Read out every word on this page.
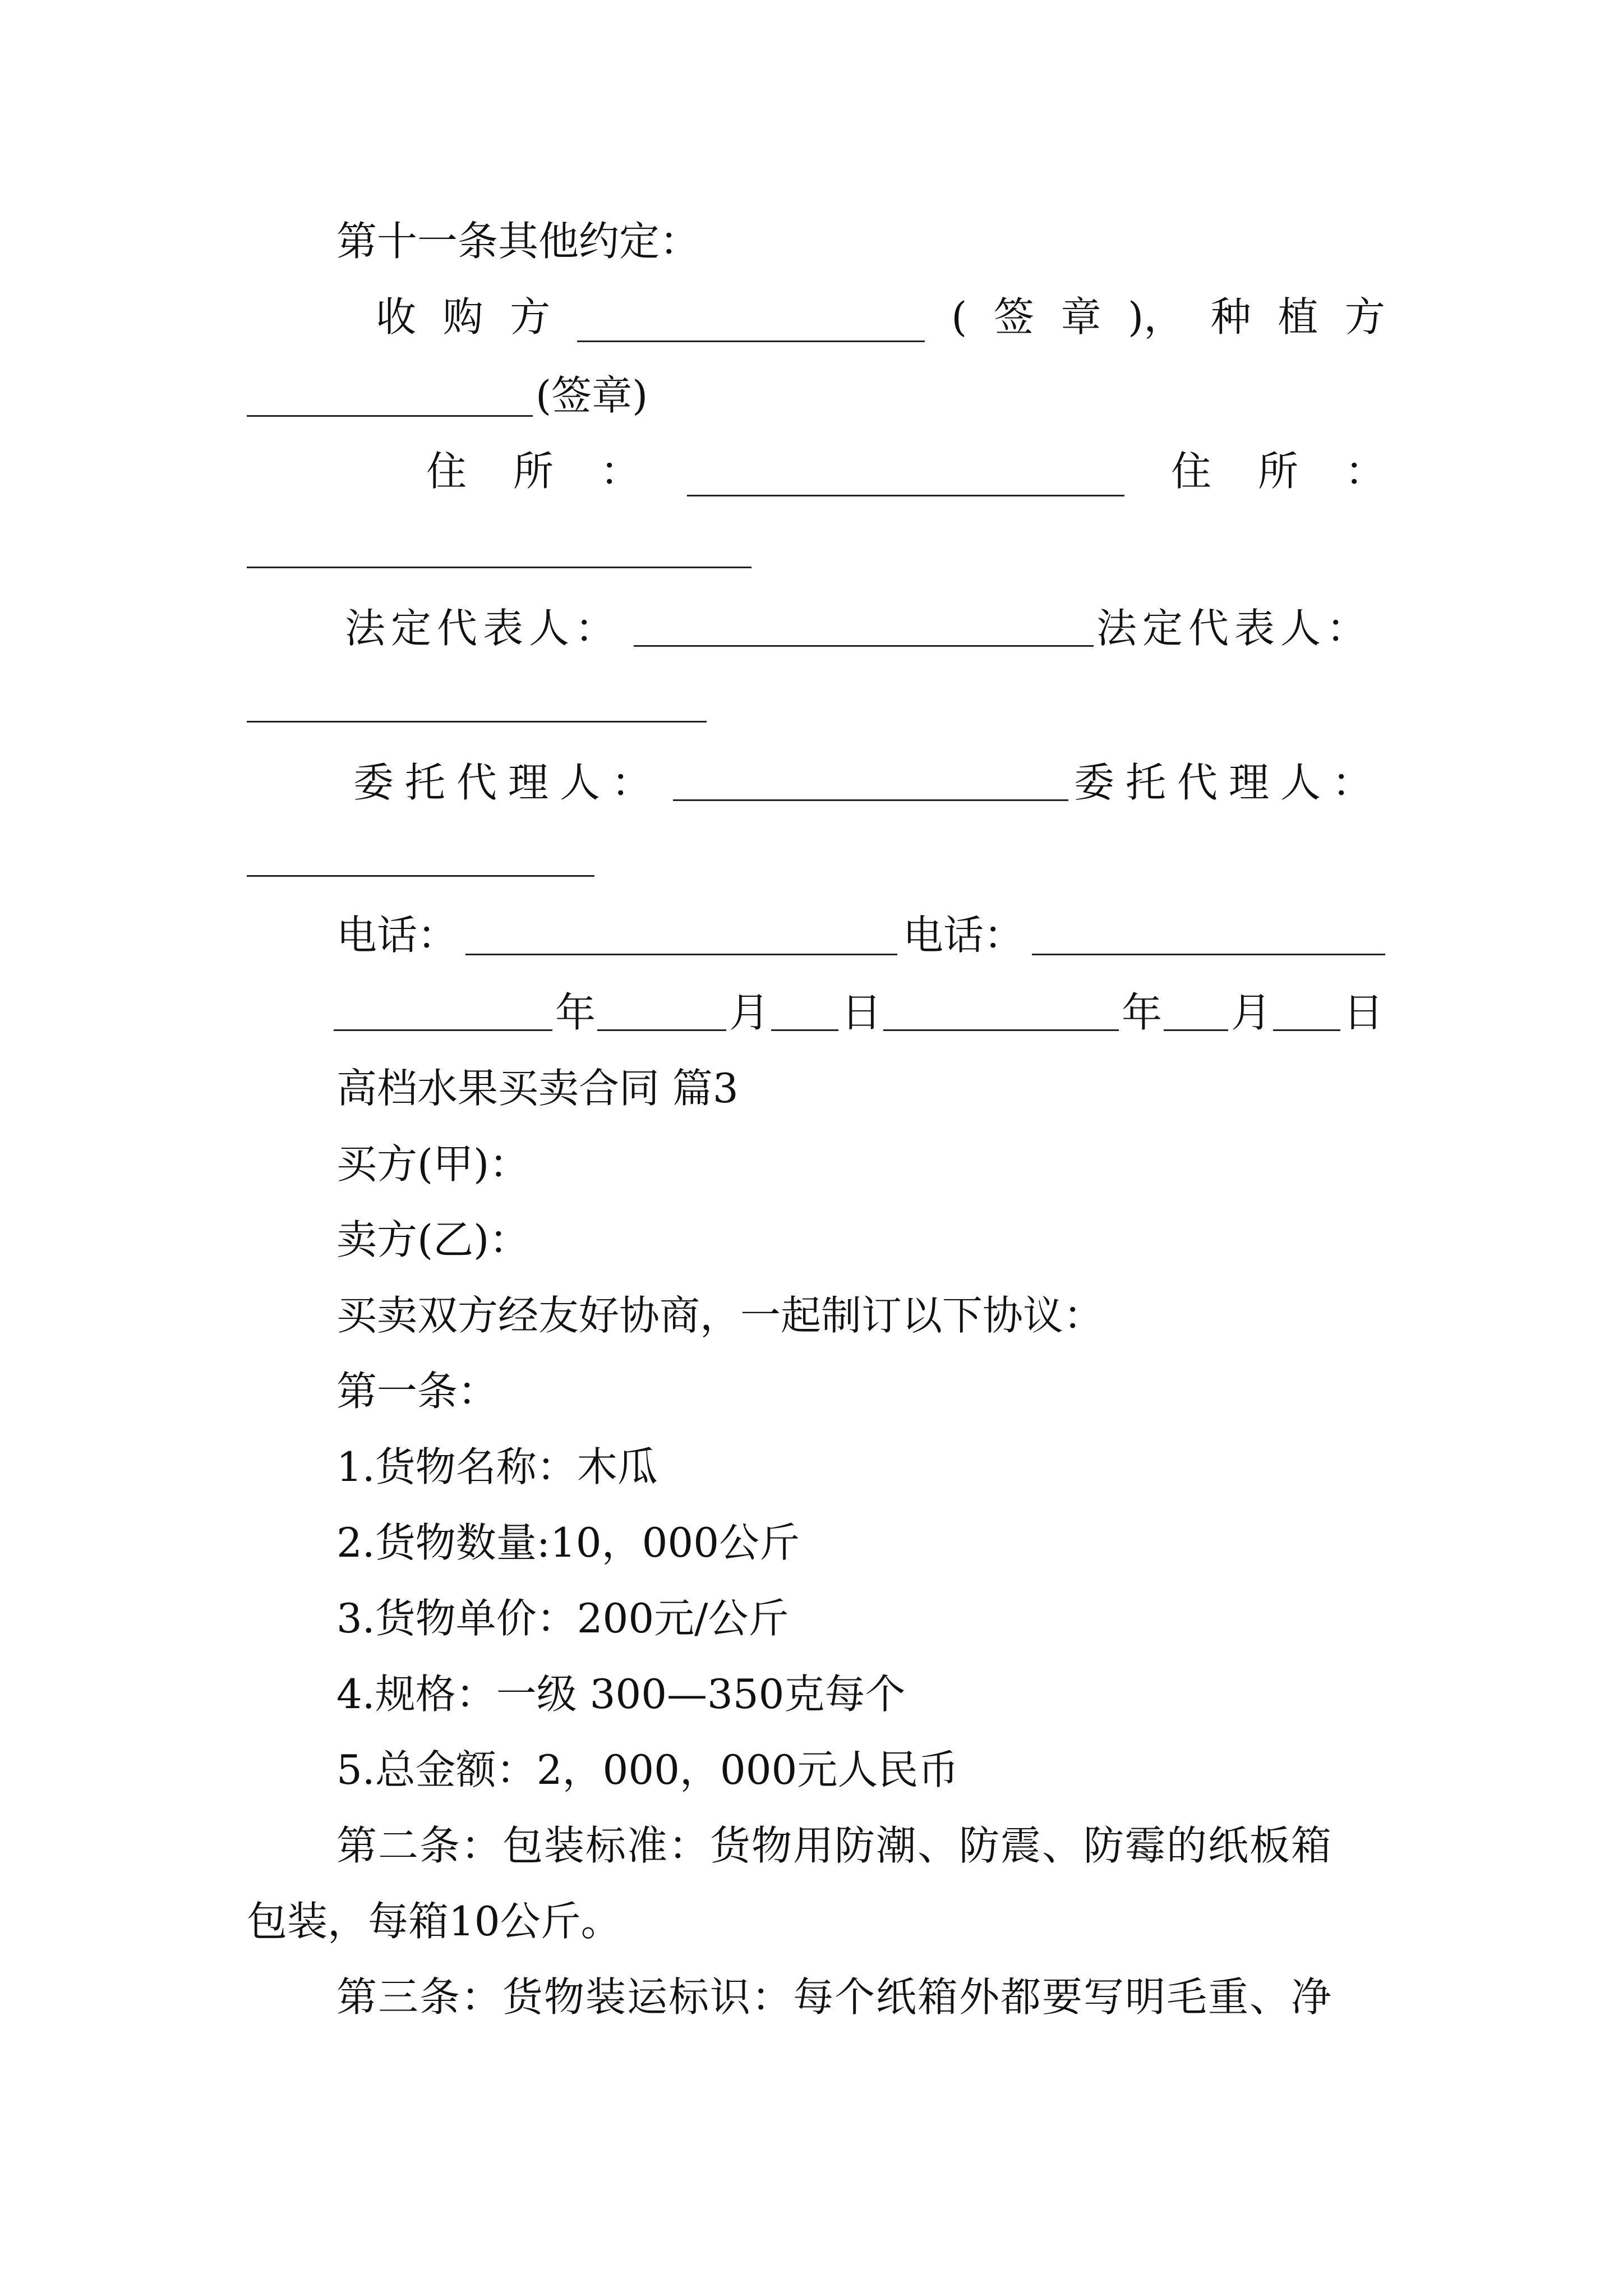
第十一条其他约定：
收 购 方	( 签 章 )， 种 植 方
(签章)
住 所 ：	住 所 ：
法定代表人：	法定代表人：
委托代理人：	委托代理人：
电话：	电话：
年	月 日	年 月 日
高档水果买卖合同 篇3
买方(甲)：
卖方(乙)：
买卖双方经友好协商，一起制订以下协议：
第一条：
1.货物名称：木瓜
2.货物数量:10，000公斤
3.货物单价：200元/公斤
4.规格：一级 300—350克每个
5.总金额：2，000，000元人民币
第二条：包装标准：货物用防潮、防震、防霉的纸板箱
包装，每箱10公斤。
第三条：货物装运标识：每个纸箱外都要写明毛重、净
